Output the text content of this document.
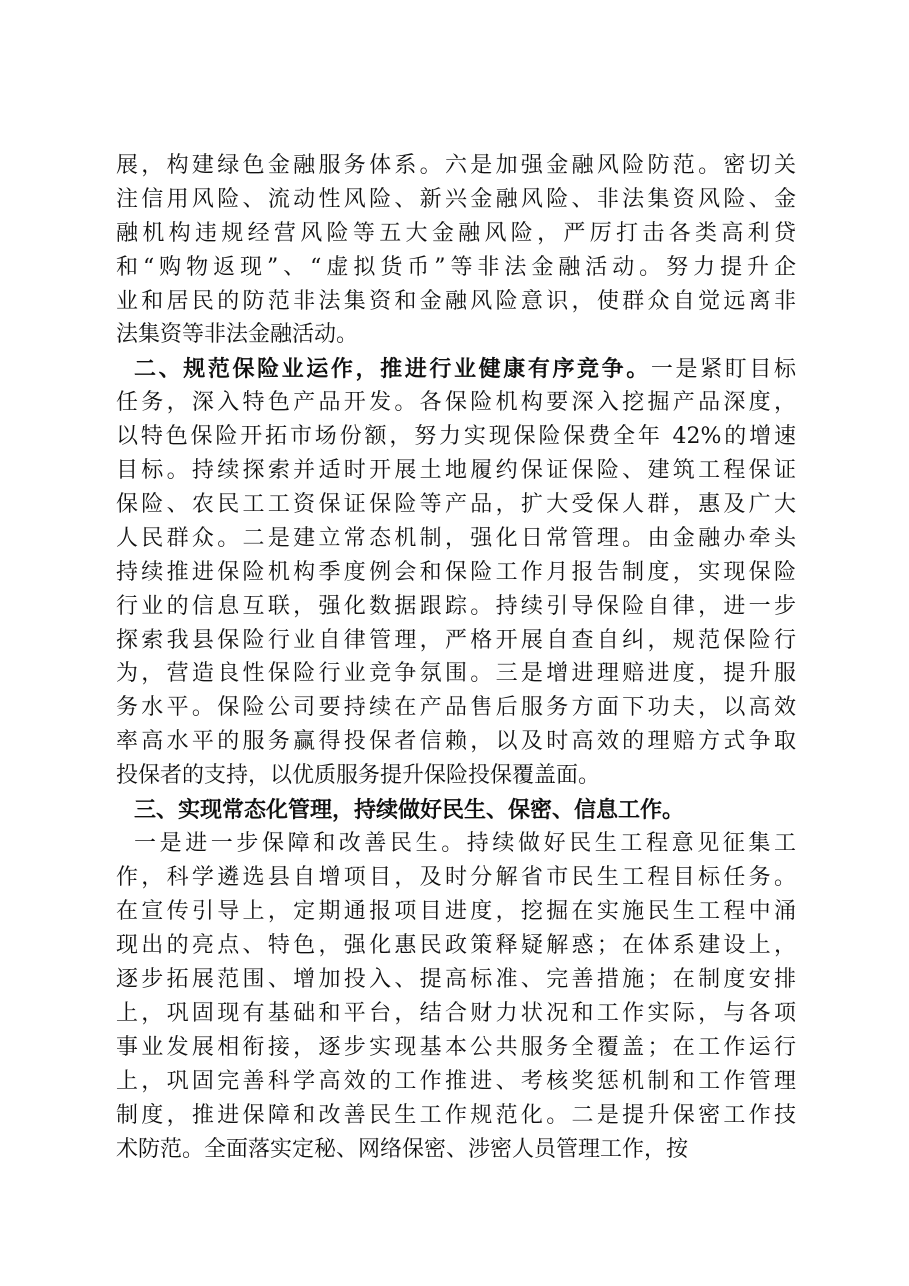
展，构建绿色金融服务体系。六是加强金融风险防范。密切关
注信用风险、流动性风险、新兴金融风险、非法集资风险、金
融机构违规经营风险等五大金融风险，严厉打击各类高利贷
和“购物返现”、“虚拟货币”等非法金融活动。努力提升企
业和居民的防范非法集资和金融风险意识，使群众自觉远离非
法集资等非法金融活动。
二、规范保险业运作，推进行业健康有序竞争。一是紧盯目标
任务，深入特色产品开发。各保险机构要深入挖掘产品深度，
以特色保险开拓市场份额，努力实现保险保费全年 42%的增速
目标。持续探索并适时开展土地履约保证保险、建筑工程保证
保险、农民工工资保证保险等产品，扩大受保人群，惠及广大
人民群众。二是建立常态机制，强化日常管理。由金融办牵头
持续推进保险机构季度例会和保险工作月报告制度，实现保险
行业的信息互联，强化数据跟踪。持续引导保险自律，进一步
探索我县保险行业自律管理，严格开展自查自纠，规范保险行
为，营造良性保险行业竞争氛围。三是增进理赔进度，提升服
务水平。保险公司要持续在产品售后服务方面下功夫，以高效
率高水平的服务赢得投保者信赖，以及时高效的理赔方式争取
投保者的支持，以优质服务提升保险投保覆盖面。
三、实现常态化管理，持续做好民生、保密、信息工作。
一是进一步保障和改善民生。持续做好民生工程意见征集工
作，科学遴选县自增项目，及时分解省市民生工程目标任务。
在宣传引导上，定期通报项目进度，挖掘在实施民生工程中涌
现出的亮点、特色，强化惠民政策释疑解惑；在体系建设上，
逐步拓展范围、增加投入、提高标准、完善措施；在制度安排
上，巩固现有基础和平台，结合财力状况和工作实际，与各项
事业发展相衔接，逐步实现基本公共服务全覆盖；在工作运行
上，巩固完善科学高效的工作推进、考核奖惩机制和工作管理
制度，推进保障和改善民生工作规范化。二是提升保密工作技
术防范。全面落实定秘、网络保密、涉密人员管理工作，按
